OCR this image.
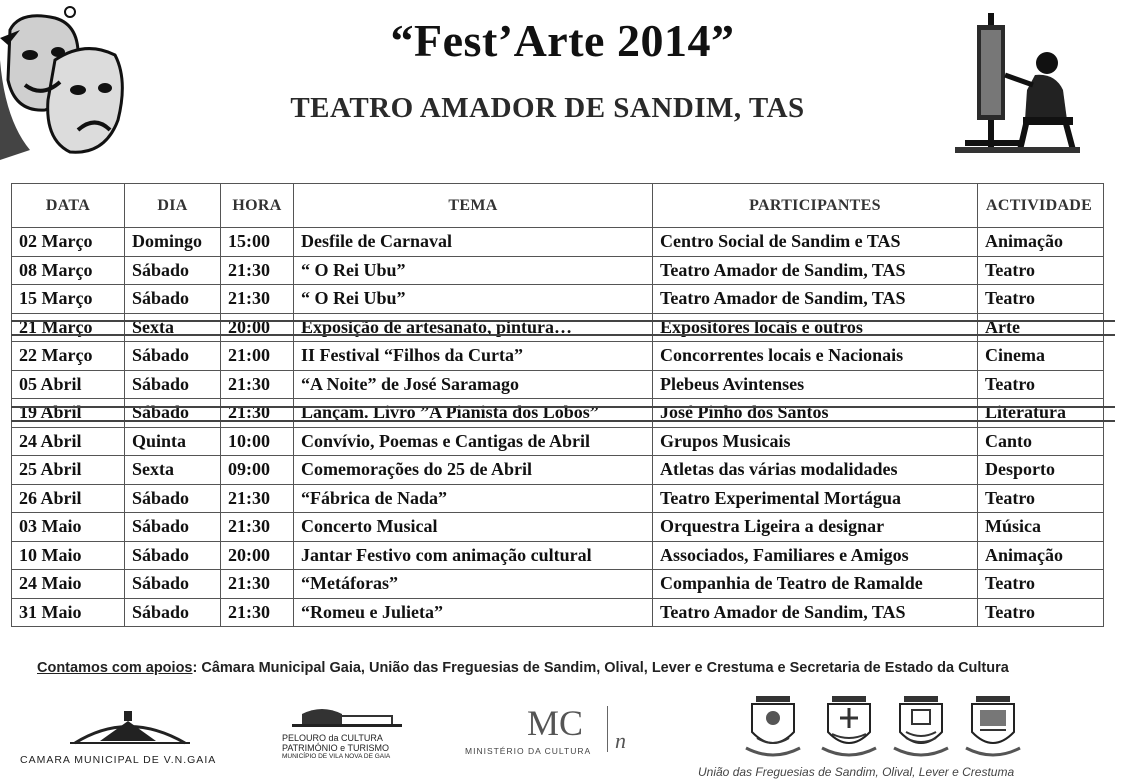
“Fest’Arte 2014”
TEATRO AMADOR DE SANDIM, TAS
DATA	DIA	HORA	TEMA	PARTICIPANTES	ACTIVIDADE
02 Março	Domingo	15:00	Desfile de Carnaval	Centro Social de Sandim e TAS	Animação
08 Março	Sábado	21:30	“ O Rei Ubu”	Teatro Amador de Sandim, TAS	Teatro
15 Março	Sábado	21:30	“ O Rei Ubu”	Teatro Amador de Sandim, TAS	Teatro
21 Março	Sexta	20:00	Exposição de artesanato, pintura…	Expositores locais e outros	Arte
22 Março	Sábado	21:00	II Festival “Filhos da Curta”	Concorrentes locais e Nacionais	Cinema
05 Abril	Sábado	21:30	“A Noite” de José Saramago	Plebeus Avintenses	Teatro
19 Abril	Sábado	21:30	Lançam. Livro ”A Pianista dos Lobos”	José Pinho dos Santos	Literatura
24 Abril	Quinta	10:00	Convívio, Poemas e Cantigas de Abril	Grupos Musicais	Canto
25 Abril	Sexta	09:00	Comemorações do 25 de Abril	Atletas das várias modalidades	Desporto
26 Abril	Sábado	21:30	“Fábrica de Nada”	Teatro Experimental Mortágua	Teatro
03 Maio	Sábado	21:30	Concerto Musical	Orquestra Ligeira a designar	Música
10 Maio	Sábado	20:00	Jantar Festivo com animação cultural	Associados, Familiares e Amigos	Animação
24 Maio	Sábado	21:30	“Metáforas”	Companhia de Teatro de Ramalde	Teatro
31 Maio	Sábado	21:30	“Romeu e Julieta”	Teatro Amador de Sandim, TAS	Teatro
Contamos com apoios: Câmara Municipal Gaia, União das Freguesias de Sandim, Olival, Lever e Crestuma e Secretaria de Estado da Cultura
CAMARA MUNICIPAL DE V.N.GAIA
PELOURO da CULTURA
PATRIMÓNIO e TURISMO
MUNICÍPIO DE VILA NOVA DE GAIA
MC n
MINISTÉRIO DA CULTURA
União das Freguesias de Sandim, Olival, Lever e Crestuma
